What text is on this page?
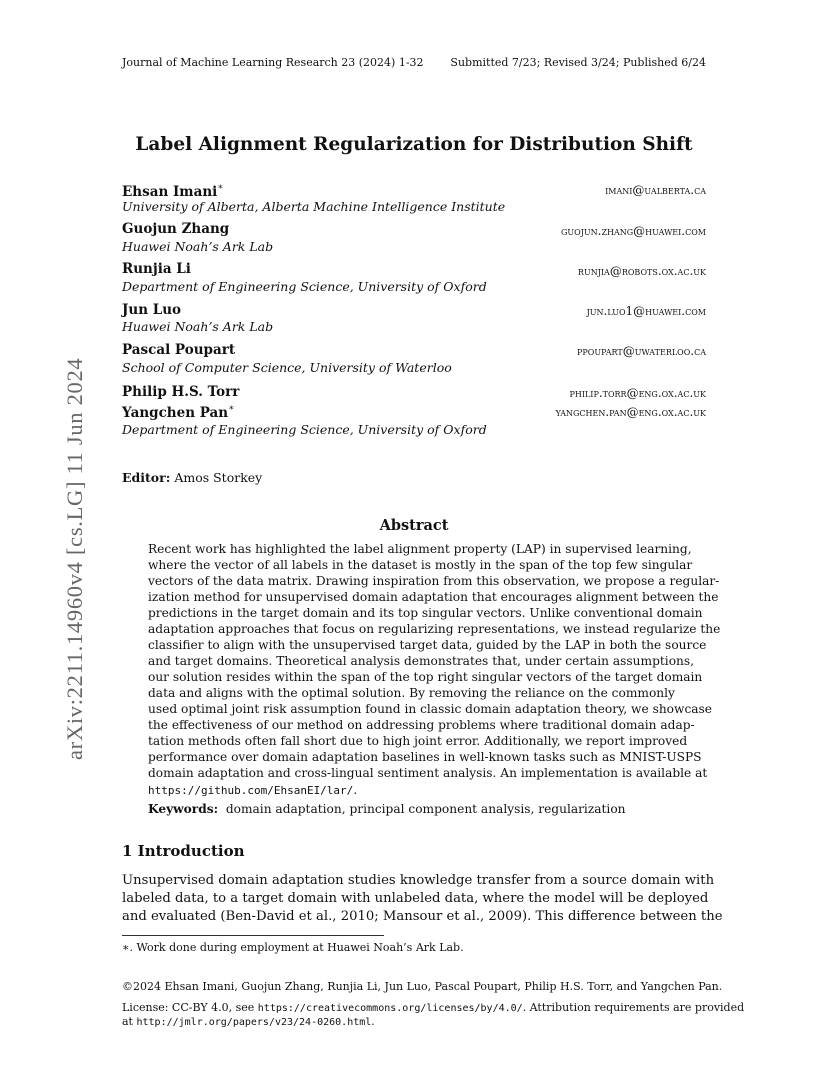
Journal of Machine Learning Research 23 (2024) 1-32 Submitted 7/23; Revised 3/24; Published 6/24
arXiv:2211.14960v4 [cs.LG] 11 Jun 2024
Label Alignment Regularization for Distribution Shift
Ehsan Imani∗
University of Alberta, Alberta Machine Intelligence Institute
imani@ualberta.ca
Guojun Zhang
Huawei Noah’s Ark Lab
guojun.zhang@huawei.com
Runjia Li
Department of Engineering Science, University of Oxford
runjia@robots.ox.ac.uk
Jun Luo
Huawei Noah’s Ark Lab
jun.luo1@huawei.com
Pascal Poupart
School of Computer Science, University of Waterloo
ppoupart@uwaterloo.ca
Philip H.S. Torr	philip.torr@eng.ox.ac.uk
Yangchen Pan∗
Department of Engineering Science, University of Oxford
yangchen.pan@eng.ox.ac.uk
Editor: Amos Storkey
Abstract
Recent work has highlighted the label alignment property (LAP) in supervised learning,
where the vector of all labels in the dataset is mostly in the span of the top few singular
vectors of the data matrix. Drawing inspiration from this observation, we propose a regular-
ization method for unsupervised domain adaptation that encourages alignment between the
predictions in the target domain and its top singular vectors. Unlike conventional domain
adaptation approaches that focus on regularizing representations, we instead regularize the
classifier to align with the unsupervised target data, guided by the LAP in both the source
and target domains. Theoretical analysis demonstrates that, under certain assumptions,
our solution resides within the span of the top right singular vectors of the target domain
data and aligns with the optimal solution. By removing the reliance on the commonly
used optimal joint risk assumption found in classic domain adaptation theory, we showcase
the effectiveness of our method on addressing problems where traditional domain adap-
tation methods often fall short due to high joint error. Additionally, we report improved
performance over domain adaptation baselines in well-known tasks such as MNIST-USPS
domain adaptation and cross-lingual sentiment analysis. An implementation is available at
https://github.com/EhsanEI/lar/.
Keywords: domain adaptation, principal component analysis, regularization
1 Introduction
Unsupervised domain adaptation studies knowledge transfer from a source domain with
labeled data, to a target domain with unlabeled data, where the model will be deployed
and evaluated (Ben-David et al., 2010; Mansour et al., 2009). This difference between the
∗. Work done during employment at Huawei Noah’s Ark Lab.
©2024 Ehsan Imani, Guojun Zhang, Runjia Li, Jun Luo, Pascal Poupart, Philip H.S. Torr, and Yangchen Pan.
License: CC-BY 4.0, see https://creativecommons.org/licenses/by/4.0/. Attribution requirements are provided
at http://jmlr.org/papers/v23/24-0260.html.
